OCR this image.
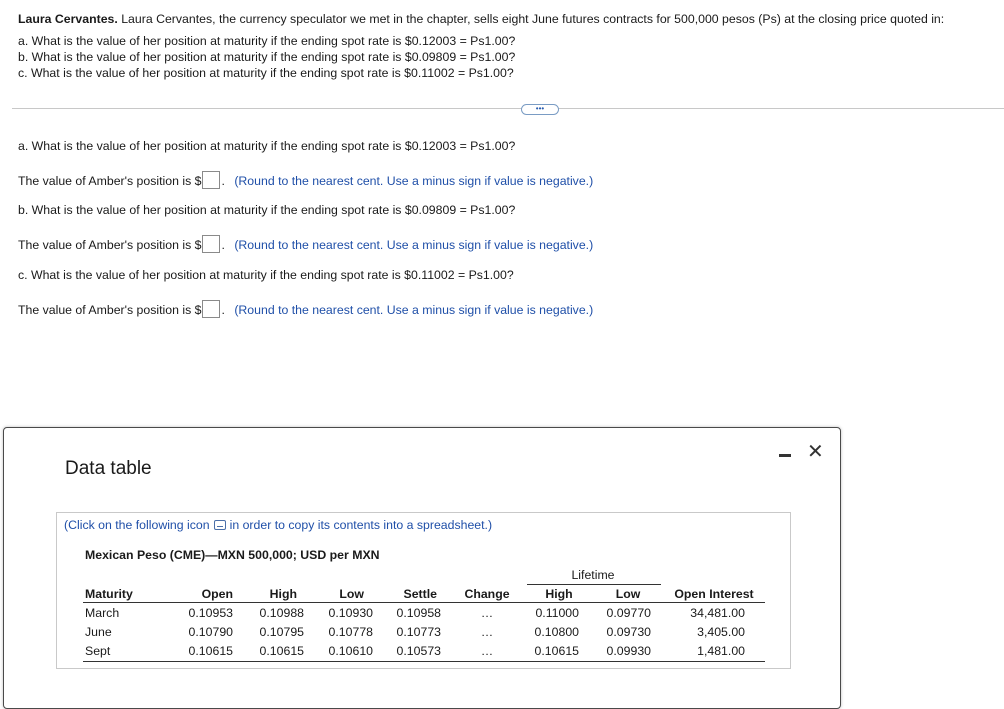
Laura Cervantes. Laura Cervantes, the currency speculator we met in the chapter, sells eight June futures contracts for 500,000 pesos (Ps) at the closing price quoted in:
a. What is the value of her position at maturity if the ending spot rate is $0.12003 = Ps1.00?
b. What is the value of her position at maturity if the ending spot rate is $0.09809 = Ps1.00?
c. What is the value of her position at maturity if the ending spot rate is $0.11002 = Ps1.00?
•••
a. What is the value of her position at maturity if the ending spot rate is $0.12003 = Ps1.00?
The value of Amber's position is $ . (Round to the nearest cent. Use a minus sign if value is negative.)
b. What is the value of her position at maturity if the ending spot rate is $0.09809 = Ps1.00?
The value of Amber's position is $ . (Round to the nearest cent. Use a minus sign if value is negative.)
c. What is the value of her position at maturity if the ending spot rate is $0.11002 = Ps1.00?
The value of Amber's position is $ . (Round to the nearest cent. Use a minus sign if value is negative.)
Data table
✕
(Click on the following icon in order to copy its contents into a spreadsheet.)
Mexican Peso (CME)—MXN 500,000; USD per MXN
Lifetime
Maturity	Open	High	Low	Settle	Change	High	Low	Open Interest
March	0.10953	0.10988	0.10930	0.10958	…	0.11000	0.09770	34,481.00
June	0.10790	0.10795	0.10778	0.10773	…	0.10800	0.09730	3,405.00
Sept	0.10615	0.10615	0.10610	0.10573	…	0.10615	0.09930	1,481.00
